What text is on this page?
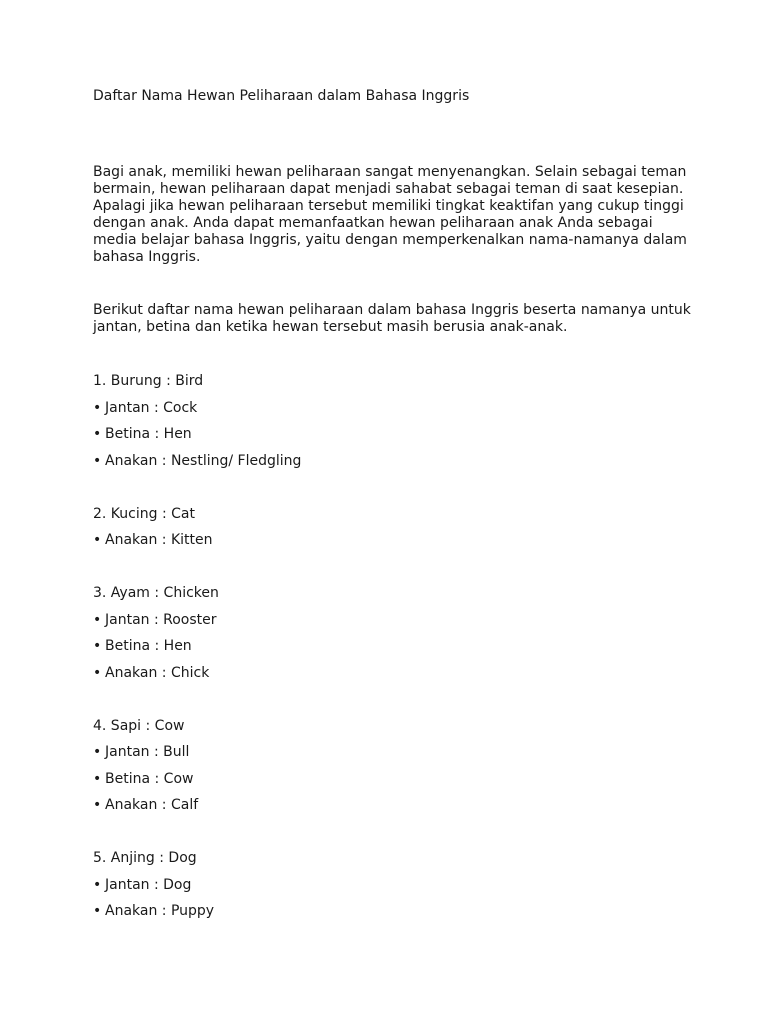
Daftar Nama Hewan Peliharaan dalam Bahasa Inggris
Bagi anak, memiliki hewan peliharaan sangat menyenangkan. Selain sebagai teman bermain, hewan peliharaan dapat menjadi sahabat sebagai teman di saat kesepian. Apalagi jika hewan peliharaan tersebut memiliki tingkat keaktifan yang cukup tinggi dengan anak. Anda dapat memanfaatkan hewan peliharaan anak Anda sebagai media belajar bahasa Inggris, yaitu dengan memperkenalkan nama-namanya dalam bahasa Inggris.
Berikut daftar nama hewan peliharaan dalam bahasa Inggris beserta namanya untuk jantan, betina dan ketika hewan tersebut masih berusia anak-anak.
1. Burung : Bird
• Jantan : Cock
• Betina : Hen
• Anakan : Nestling/ Fledgling
2. Kucing : Cat
• Anakan : Kitten
3. Ayam : Chicken
• Jantan : Rooster
• Betina : Hen
• Anakan : Chick
4. Sapi : Cow
• Jantan : Bull
• Betina : Cow
• Anakan : Calf
5. Anjing : Dog
• Jantan : Dog
• Anakan : Puppy
